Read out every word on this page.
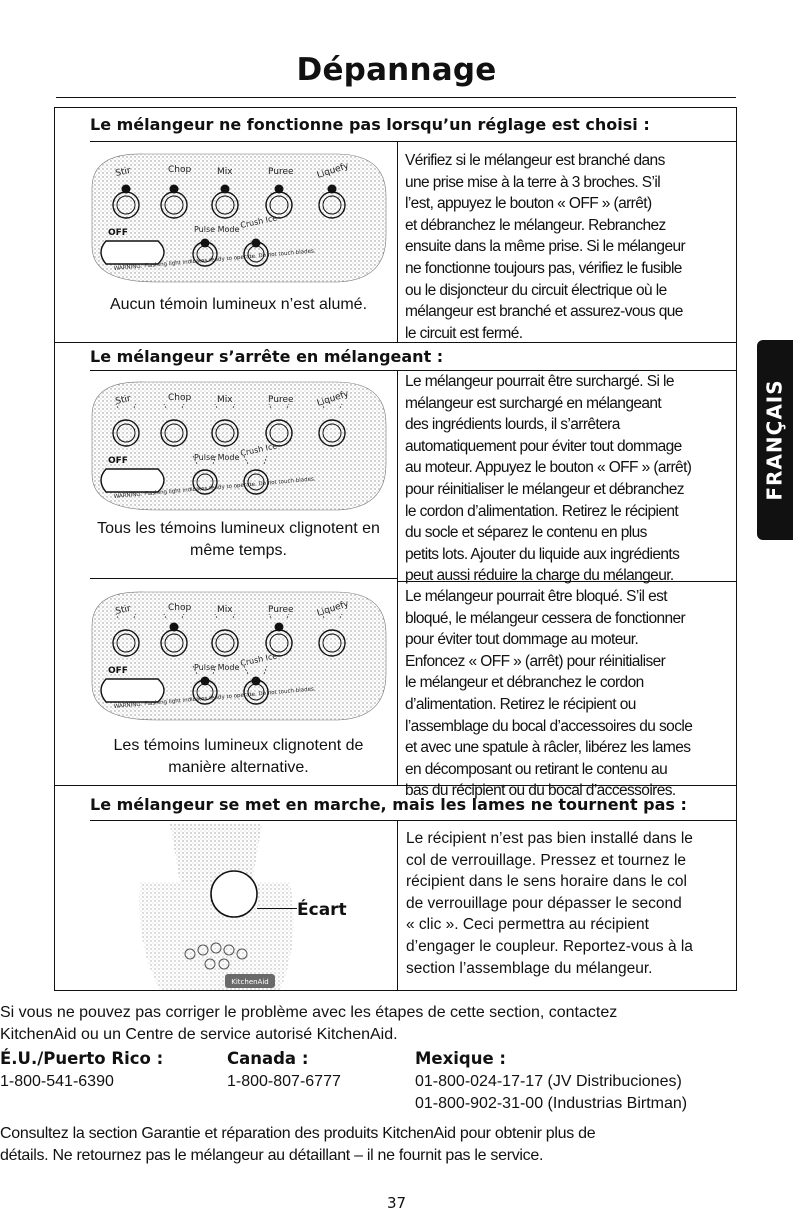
Dépannage
Le mélangeur ne fonctionne pas lorsqu’un réglage est choisi :
Aucun témoin lumineux n’est alumé.
Vérifiez si le mélangeur est branché dans
une prise mise à la terre à 3 broches. S’il
l’est, appuyez le bouton « OFF » (arrêt)
et débranchez le mélangeur. Rebranchez
ensuite dans la même prise. Si le mélangeur
ne fonctionne toujours pas, vérifiez le fusible
ou le disjoncteur du circuit électrique où le
mélangeur est branché et assurez-vous que
le circuit est fermé.
Le mélangeur s’arrête en mélangeant :
Tous les témoins lumineux clignotent en
même temps.
Le mélangeur pourrait être surchargé. Si le
mélangeur est surchargé en mélangeant
des ingrédients lourds, il s’arrêtera
automatiquement pour éviter tout dommage
au moteur. Appuyez le bouton « OFF » (arrêt)
pour réinitialiser le mélangeur et débranchez
le cordon d’alimentation. Retirez le récipient
du socle et séparez le contenu en plus
petits lots. Ajouter du liquide aux ingrédients
peut aussi réduire la charge du mélangeur.
Les témoins lumineux clignotent de
manière alternative.
Le mélangeur pourrait être bloqué. S’il est
bloqué, le mélangeur cessera de fonctionner
pour éviter tout dommage au moteur.
Enfoncez « OFF » (arrêt) pour réinitialiser
le mélangeur et débranchez le cordon
d’alimentation. Retirez le récipient ou
l’assemblage du bocal d’accessoires du socle
et avec une spatule à râcler, libérez les lames
en décomposant ou retirant le contenu au
bas du récipient ou du bocal d’accessoires.
Le mélangeur se met en marche, mais les lames ne tournent pas :
KitchenAid
Écart
Le récipient n’est pas bien installé dans le
col de verrouillage. Pressez et tournez le
récipient dans le sens horaire dans le col
de verrouillage pour dépasser le second
« clic ». Ceci permettra au récipient
d’engager le coupleur. Reportez-vous à la
section l’assemblage du mélangeur.
FRANÇAIS
Si vous ne pouvez pas corriger le problème avec les étapes de cette section, contactez
KitchenAid ou un Centre de service autorisé KitchenAid.
É.U./Puerto Rico :	Canada :	Mexique :
1-800-541-6390	1-800-807-6777	01-800-024-17-17 (JV Distribuciones)
01-800-902-31-00 (Industrias Birtman)
Consultez la section Garantie et réparation des produits KitchenAid pour obtenir plus de
détails. Ne retournez pas le mélangeur au détaillant – il ne fournit pas le service.
37
